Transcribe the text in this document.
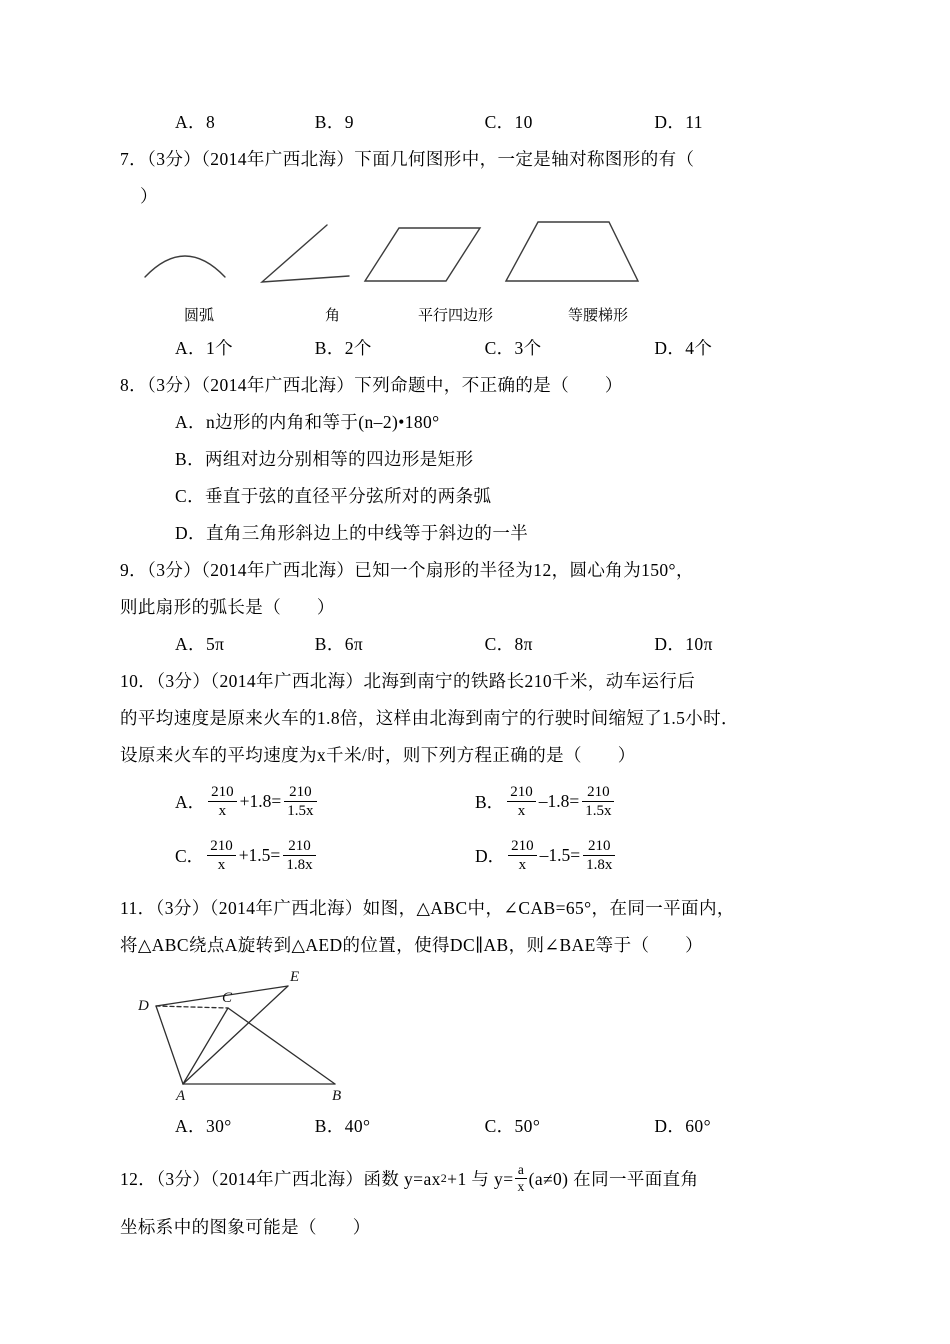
A．8	B．9	C．10	D．11
7．（3分）（2014年广西北海）下面几何图形中，一定是轴对称图形的有（
）
圆弧	角	平行四边形	等腰梯形
A．1个	B．2个	C．3个	D．4个
8．（3分）（2014年广西北海）下列命题中，不正确的是（　　）
A．n边形的内角和等于(n–2)•180°
B．两组对边分别相等的四边形是矩形
C．垂直于弦的直径平分弦所对的两条弧
D．直角三角形斜边上的中线等于斜边的一半
9．（3分）（2014年广西北海）已知一个扇形的半径为12，圆心角为150°，
则此扇形的弧长是（　　）
A．5π	B．6π	C．8π	D．10π
10．（3分）（2014年广西北海）北海到南宁的铁路长210千米，动车运行后
的平均速度是原来火车的1.8倍，这样由北海到南宁的行驶时间缩短了1.5小时．
设原来火车的平均速度为x千米/时，则下列方程正确的是（　　）
A． $\frac{210}{x} +1.8= \frac{210}{1.5x}$	B． $\frac{210}{x} -1.8= \frac{210}{1.5x}$
C． $\frac{210}{x} +1.5= \frac{210}{1.8x}$	D． $\frac{210}{x} -1.5= \frac{210}{1.8x}$
11．（3分）（2014年广西北海）如图，△ABC中，∠CAB=65°，在同一平面内，
将△ABC绕点A旋转到△AED的位置，使得DC∥AB，则∠BAE等于（　　）
D	C
E
A	B
A．30°	B．40°	C．50°	D．60°
12．（3分）（2014年广西北海）函数 y=ax 2 +1 与 $y= \frac{a}{x} (a\ne 0)$ 在同一平面直角
坐标系中的图象可能是（　　）
